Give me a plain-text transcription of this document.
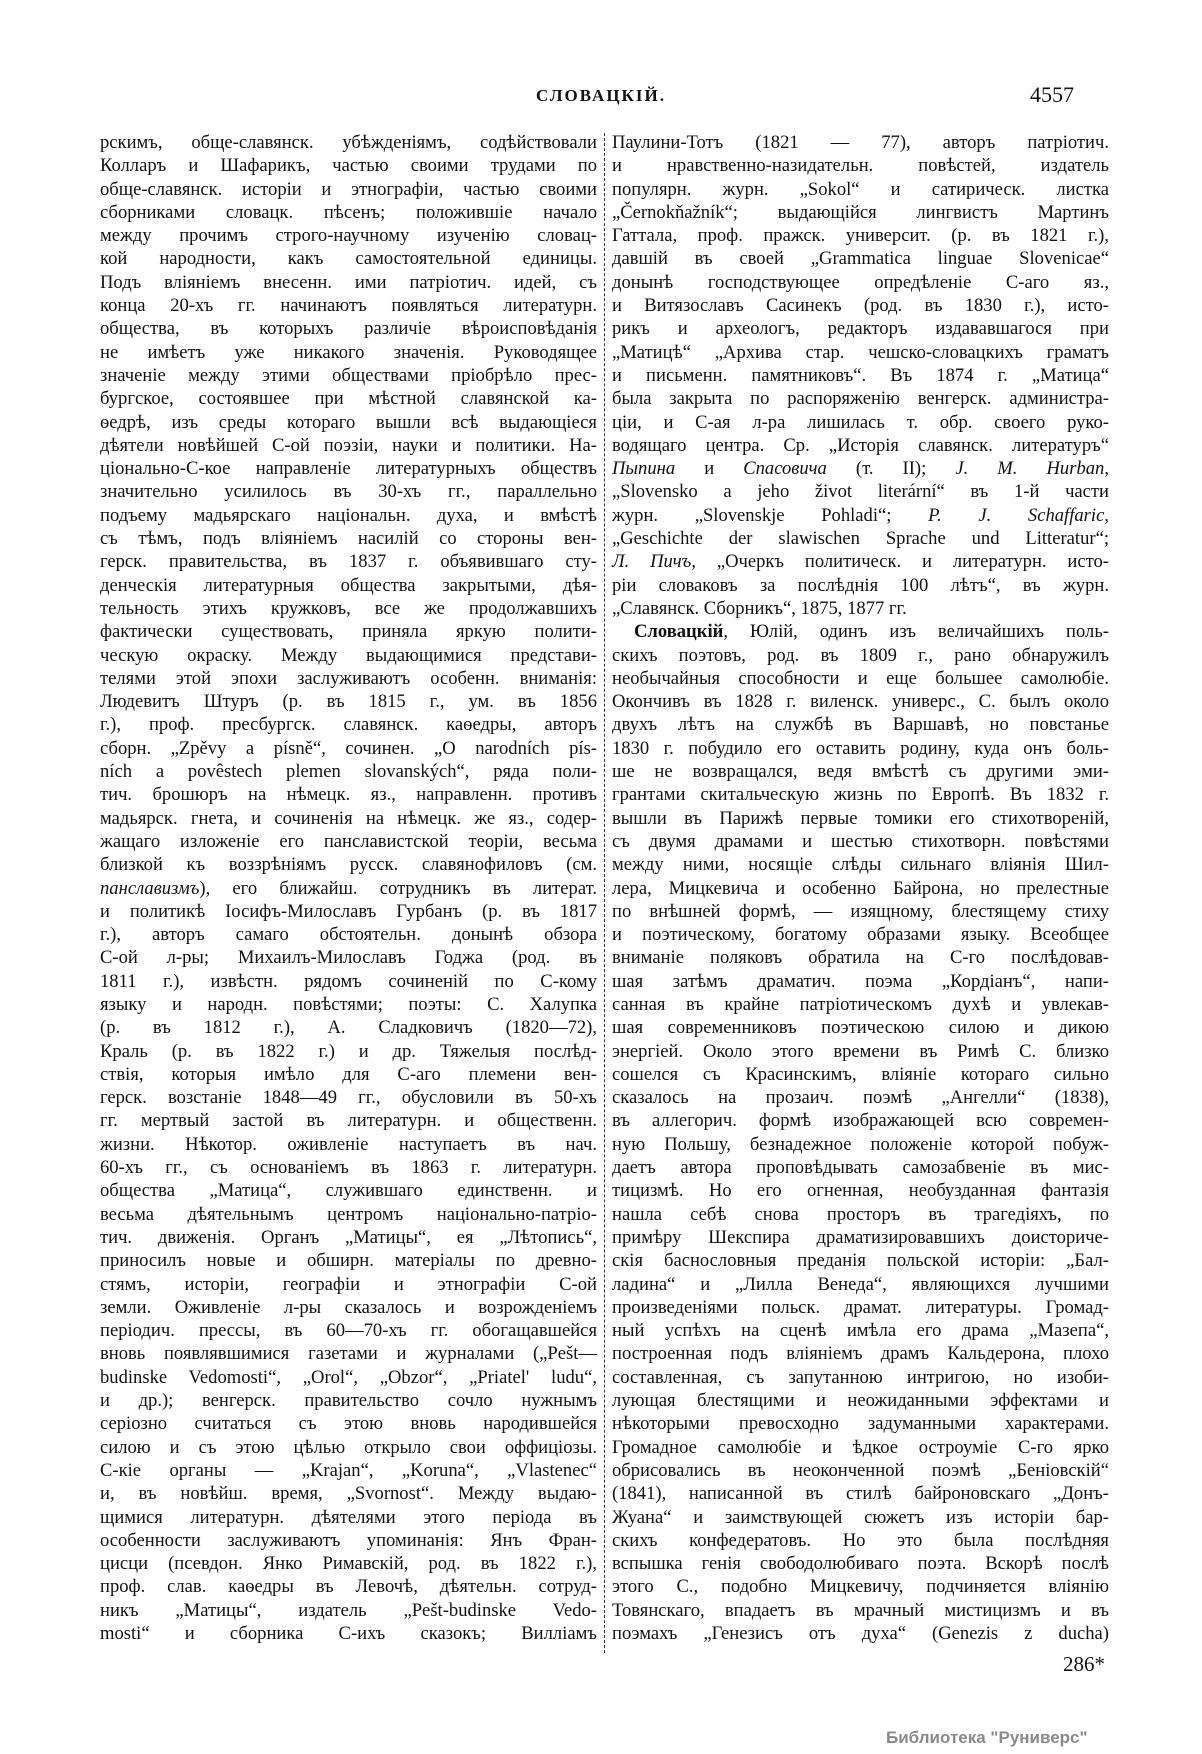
СЛОВАЦКІЙ.	4557
рскимъ, обще-славянск. убѣжденіямъ, содѣйствовали
Колларъ и Шафарикъ, частью своими трудами по
обще-славянск. исторіи и этнографіи, частью своими
сборниками словацк. пѣсенъ; положившіе начало
между прочимъ строго-научному изученію словац-
кой народности, какъ самостоятельной единицы.
Подъ вліяніемъ внесенн. ими патріотич. идей, съ
конца 20-хъ гг. начинаютъ появляться литературн.
общества, въ которыхъ различіе вѣроисповѣданія
не имѣетъ уже никакого значенія. Руководящее
значеніе между этими обществами пріобрѣло прес-
бургское, состоявшее при мѣстной славянской ка-
ѳедрѣ, изъ среды котораго вышли всѣ выдающіеся
дѣятели новѣйшей С-ой поэзіи, науки и политики. На-
ціонально-С-кое направленіе литературныхъ обществъ
значительно усилилось въ 30-хъ гг., параллельно
подъему мадьярскаго національн. духа, и вмѣстѣ
съ тѣмъ, подъ вліяніемъ насилій со стороны вен-
герск. правительства, въ 1837 г. объявившаго сту-
денческія литературныя общества закрытыми, дѣя-
тельность этихъ кружковъ, все же продолжавшихъ
фактически существовать, приняла яркую полити-
ческую окраску. Между выдающимися представи-
телями этой эпохи заслуживаютъ особенн. вниманія:
Людевитъ Штуръ (р. въ 1815 г., ум. въ 1856
г.), проф. пресбургск. славянск. каѳедры, авторъ
сборн. „Zpěvy a písně“, сочинен. „O narodních pís-
ních a povêstech plemen slovanských“, ряда поли-
тич. брошюръ на нѣмецк. яз., направленн. противъ
мадьярск. гнета, и сочиненія на нѣмецк. же яз., содер-
жащаго изложеніе его панславистской теоріи, весьма
близкой къ воззрѣніямъ русск. славянофиловъ (см.
панславизмъ), его ближайш. сотрудникъ въ литерат.
и политикѣ Іосифъ-Милославъ Гурбанъ (р. въ 1817
г.), авторъ самаго обстоятельн. донынѣ обзора
С-ой л-ры; Михаилъ-Милославъ Годжа (род. въ
1811 г.), извѣстн. рядомъ сочиненій по С-кому
языку и народн. повѣстями; поэты: С. Халупка
(р. въ 1812 г.), А. Сладковичъ (1820—72),
Краль (р. въ 1822 г.) и др. Тяжелыя послѣд-
ствія, которыя имѣло для С-аго племени вен-
герск. возстаніе 1848—49 гг., обусловили въ 50-хъ
гг. мертвый застой въ литературн. и общественн.
жизни. Нѣкотор. оживленіе наступаетъ въ нач.
60-хъ гг., съ основаніемъ въ 1863 г. литературн.
общества „Матица“, служившаго единственн. и
весьма дѣятельнымъ центромъ національно-патріо-
тич. движенія. Органъ „Матицы“, ея „Лѣтопись“,
приносилъ новые и обширн. матеріалы по древно-
стямъ, исторіи, географіи и этнографіи С-ой
земли. Оживленіе л-ры сказалось и возрожденіемъ
періодич. прессы, въ 60—70-хъ гг. обогащавшейся
вновь появлявшимися газетами и журналами („Pešt—
budinske Vedomosti“, „Orol“, „Obzor“, „Priatel' ludu“,
и др.); венгерск. правительство сочло нужнымъ
серіозно считаться съ этою вновь народившейся
силою и съ этою цѣлью открыло свои оффиціозы.
С-кіе органы — „Krajan“, „Koruna“, „Vlastenec“
и, въ новѣйш. время, „Svornost“. Между выдаю-
щимися литературн. дѣятелями этого періода въ
особенности заслуживаютъ упоминанія: Янъ Фран-
цисци (псевдон. Янко Римавскій, род. въ 1822 г.),
проф. слав. каѳедры въ Левочѣ, дѣятельн. сотруд-
никъ „Матицы“, издатель „Pešt-budinske Vedo-
mosti“ и сборника С-ихъ сказокъ; Вилліамъ
Паулини-Тотъ (1821 — 77), авторъ патріотич.
и нравственно-назидательн. повѣстей, издатель
популярн. журн. „Sokol“ и сатирическ. листка
„Černokňažník“; выдающійся лингвистъ Мартинъ
Гаттала, проф. пражск. университ. (р. въ 1821 г.),
давшій въ своей „Grammatica linguae Slovenicae“
донынѣ господствующее опредѣленіе С-аго яз.,
и Витязославъ Сасинекъ (род. въ 1830 г.), исто-
рикъ и археологъ, редакторъ издававшагося при
„Матицѣ“ „Архива стар. чешско-словацкихъ граматъ
и письменн. памятниковъ“. Въ 1874 г. „Матица“
была закрыта по распоряженію венгерск. администра-
ціи, и С-ая л-ра лишилась т. обр. своего руко-
водящаго центра. Ср. „Исторія славянск. литературъ“
Пыпина и Спасовича (т. II); J. M. Hurban,
„Slovensko a jeho život literární“ въ 1-й части
журн. „Slovenskje Pohladi“; P. J. Schaffaric,
„Geschichte der slawischen Sprache und Litteratur“;
Л. Пичъ, „Очеркъ политическ. и литературн. исто-
ріи словаковъ за послѣднія 100 лѣтъ“, въ журн.
„Славянск. Сборникъ“, 1875, 1877 гг.
Словацкій, Юлій, одинъ изъ величайшихъ поль-
скихъ поэтовъ, род. въ 1809 г., рано обнаружилъ
необычайныя способности и еще большее самолюбіе.
Окончивъ въ 1828 г. виленск. универс., С. былъ около
двухъ лѣтъ на службѣ въ Варшавѣ, но повстанье
1830 г. побудило его оставить родину, куда онъ боль-
ше не возвращался, ведя вмѣстѣ съ другими эми-
грантами скитальческую жизнь по Европѣ. Въ 1832 г.
вышли въ Парижѣ первые томики его стихотвореній,
съ двумя драмами и шестью стихотворн. повѣстями
между ними, носящіе слѣды сильнаго вліянія Шил-
лера, Мицкевича и особенно Байрона, но прелестные
по внѣшней формѣ, — изящному, блестящему стиху
и поэтическому, богатому образами языку. Всеобщее
вниманіе поляковъ обратила на С-го послѣдовав-
шая затѣмъ драматич. поэма „Кордіанъ“, напи-
санная въ крайне патріотическомъ духѣ и увлекав-
шая современниковъ поэтическою силою и дикою
энергіей. Около этого времени въ Римѣ С. близко
сошелся съ Красинскимъ, вліяніе котораго сильно
сказалось на прозаич. поэмѣ „Ангелли“ (1838),
въ аллегорич. формѣ изображающей всю современ-
ную Польшу, безнадежное положеніе которой побуж-
даетъ автора проповѣдывать самозабвеніе въ мис-
тицизмѣ. Но его огненная, необузданная фантазія
нашла себѣ снова просторъ въ трагедіяхъ, по
примѣру Шекспира драматизировавшихъ доисториче-
скія баснословныя преданія польской исторіи: „Бал-
ладина“ и „Лилла Венеда“, являющихся лучшими
произведеніями польск. драмат. литературы. Громад-
ный успѣхъ на сценѣ имѣла его драма „Мазепа“,
построенная подъ вліяніемъ драмъ Кальдерона, плохо
составленная, съ запутанною интригою, но изоби-
лующая блестящими и неожиданными эффектами и
нѣкоторыми превосходно задуманными характерами.
Громадное самолюбіе и ѣдкое остроуміе С-го ярко
обрисовались въ неоконченной поэмѣ „Беніовскій“
(1841), написанной въ стилѣ байроновскаго „Донъ-
Жуана“ и заимствующей сюжетъ изъ исторіи бар-
скихъ конфедератовъ. Но это была послѣдняя
вспышка генія свободолюбиваго поэта. Вскорѣ послѣ
этого С., подобно Мицкевичу, подчиняется вліянію
Товянскаго, впадаетъ въ мрачный мистицизмъ и въ
поэмахъ „Генезисъ отъ духа“ (Genezis z ducha)
286*
Библиотека "Руниверс"
